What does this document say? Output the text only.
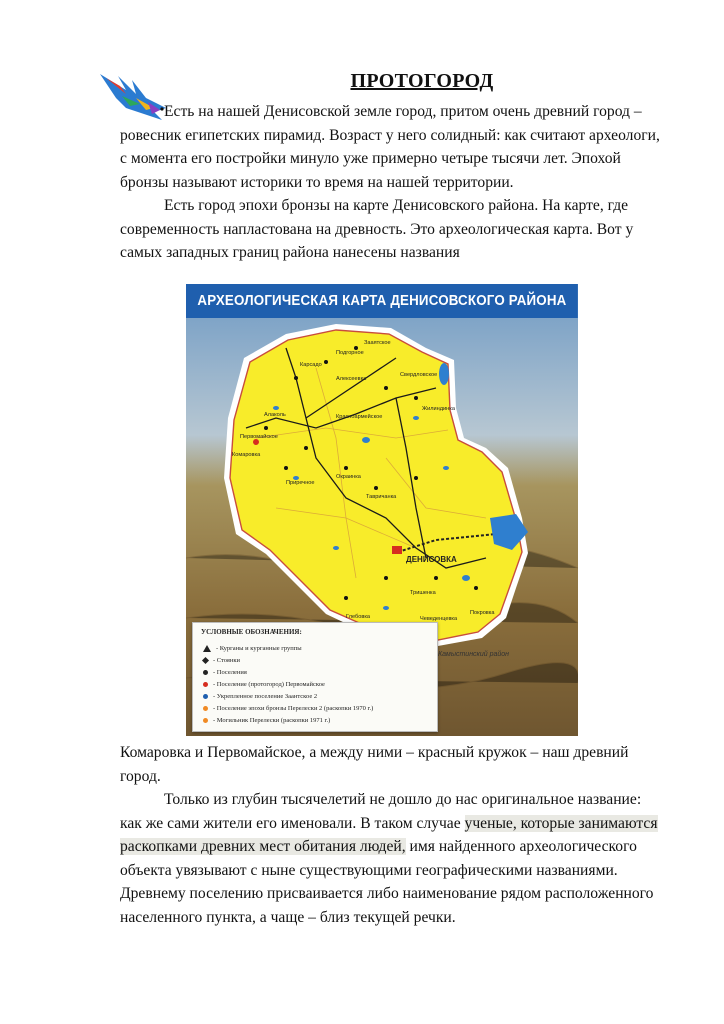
ПРОТОГОРОД

Есть на нашей Денисовской земле город, притом очень древний город – ровесник египетских пирамид. Возраст у него солидный: как считают археологи, с момента его постройки минуло уже примерно четыре тысячи лет. Эпохой бронзы называют историки то время на нашей территории.

Есть город эпохи бронзы на карте Денисовского района. На карте, где современность напластована на древность. Это археологическая карта. Вот у самых западных границ района нанесены названия

АРХЕОЛОГИЧЕСКАЯ КАРТА ДЕНИСОВСКОГО РАЙОНА
Карсадо
Подгорное
Зааятское
Свердловское
Алексеевка
Алаколь	Красноармейское
Жилиндинка
Первомайское
Комаровка
Приречное
Окраинка
Тавричанка
ДЕНИСОВКА
Тришенка
Покровка
Чеведенцевка
Глебовка
Камыстинский район
УСЛОВНЫЕ ОБОЗНАЧЕНИЯ:
- Курганы и курганные группы
- Стоянки
- Поселения
- Поселение (протогород) Первомайское
- Укрепленное поселение Заантское 2
- Поселение эпохи бронзы Перелески 2 (раскопки 1970 г.)
- Могильник Перелески (раскопки 1971 г.)

Комаровка и Первомайское, а между ними – красный кружок – наш древний город.

Только из глубин тысячелетий не дошло до нас оригинальное название: как же сами жители его именовали. В таком случае ученые, которые занимаются раскопками древних мест обитания людей, имя найденного археологического объекта увязывают с ныне существующими географическими названиями. Древнему поселению присваивается либо наименование рядом расположенного населенного пункта, а чаще – близ текущей речки.
